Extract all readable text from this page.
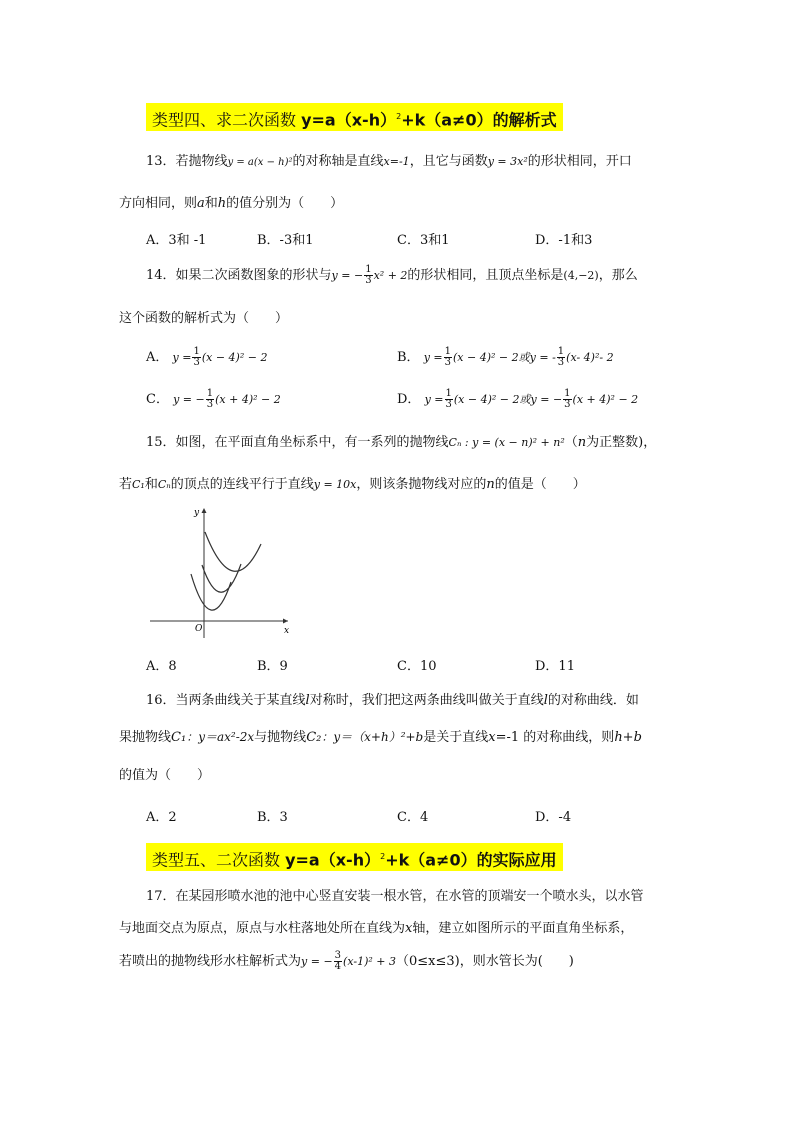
类型四、求二次函数 $y=a(x-h)^2+k(a\ne 0)$的解析式
13．若抛物线y = a(x − h)²的对称轴是直线x=-1，且它与函数y = 3x²的形状相同，开口
方向相同，则a和h的值分别为（　　）
A．3和 -1	B．-3和1	C．3和1	D．-1和3
14．如果二次函数图象的形状与y = − $\frac{1}{3} x^2 + 2$的形状相同，且顶点坐标是(4,−2)，那么
这个函数的解析式为（　　）
A． $y = \frac{1}{3} (x - 4)^2 - 2$	B． $y = \frac{1}{3} (x - 4)^2 - 2$或y = - $\frac{1}{3} (x-$ 4)²- 2
C． y = − $\frac{1}{3} (x + 4)^2 - 2$	D． $y = \frac{1}{3} (x - 4)^2 - 2$或y = − $\frac{1}{3} (x + 4)^2 - 2$
15．如图，在平面直角坐标系中，有一系列的抛物线Cₙ : y = (x − n)² + n²（n为正整数)，
若C₁和Cₙ的顶点的连线平行于直线y = 10x，则该条抛物线对应的n的值是（　　）
y
x
O
A．8	B．9	C．10	D．11
16．当两条曲线关于某直线l对称时，我们把这两条曲线叫做关于直线l的对称曲线．如
果抛物线C₁：y＝ax²-2x与抛物线C₂：y＝（x+h）²+b是关于直线x=-1 的对称曲线，则h+b
的值为（　　）
A．2	B．3	C．4	D．-4
类型五、二次函数 $y=a(x-h)^2+k(a\ne 0)$的实际应用
17．在某园形喷水池的池中心竖直安装一根水管，在水管的顶端安一个喷水头，以水管
与地面交点为原点，原点与水柱落地处所在直线为x轴，建立如图所示的平面直角坐标系，
若喷出的抛物线形水柱解析式为y = − $\frac{3}{4} (x-1)^2 + 3(0\le x\le 3)$，则水管长为(　　)
